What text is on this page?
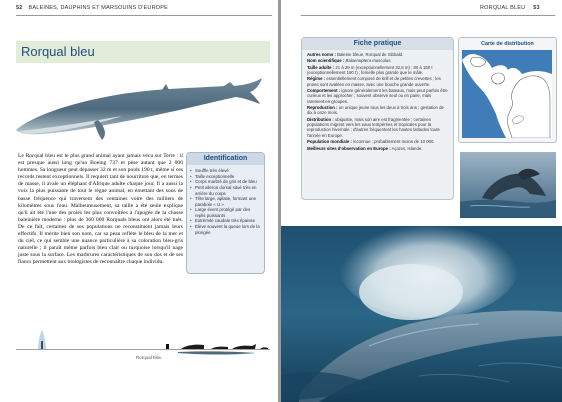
52 BALEINES, DAUPHINS ET MARSOUINS D'EUROPE
Rorqual bleu

Le Rorqual bleu est le plus grand animal ayant jamais vécu sur Terre : il est presque aussi long qu'un Boeing 737 et pèse autant que 2 000 hommes. Sa longueur peut dépasser 32 m et son poids 190 t, même si ces records restent exceptionnels. Il requiert tant de nourriture que, en termes de masse, il avale un éléphant d'Afrique adulte chaque jour. Il a aussi la voix la plus puissante de tout le règne animal, en émettant des sons de basse fréquence qui traversent des centaines voire des milliers de kilomètres sous l'eau. Malheureusement, sa taille a été seule explique qu'il ait été l'une des proies les plus convoitées à l'apogée de la chasse baleinière moderne : plus de 360 000 Rorquals bleus ont alors été tués. De ce fait, certaines de ses populations ne reconstituent jamais leurs effectifs. Il mérite bien son nom, car sa peau reflète le bleu de la mer et du ciel, ce qui semble une nuance particulière à sa coloration bleu-gris naturelle ; il paraît même parfois bleu clair ou turquoise lorsqu'il nage juste sous la surface. Les marbrures caractéristiques de son dos et de ses flancs permettent aux biologistes de reconnaître chaque individu.

Identification
• Souffle très élevé
• Taille exceptionnelle
• Corps marbré de gris et de bleu
• Petit aileron dorsal situé très en arrière du corps
• Tête large, aplatie, formant une parabole « U »
• Large évent protégé par des replis puissants
• Extrémité caudale très épaisse
• Élève souvent la queue lors de la plongée
Rorqual bleu
RORQUAL BLEU 53
Fiche pratique

Autres noms : Baleine bleue, Rorqual de Sibbald.

Nom scientifique : Balaenoptera musculus.

Taille adulte : 21 à 29 m (exceptionnellement 32,6 m) ; 80 à 150 t (exceptionnellement 190 t) ; femelle plus grande que le mâle.

Régime : essentiellement composé de krill et de petites crevettes ; les proies sont avalées en masse, avec une bouche grande ouverte.

Comportement : ignore généralement les bateaux, mais peut parfois être curieux et les approcher ; souvent observé seul ou en paire, mais rarement en groupes.

Reproduction : un unique jeune tous les deux à trois ans ; gestation de dix à onze mois.

Distribution : ubiquiste, mais son aire est fragmentée ; certaines populations migrent vers les eaux tempérées et tropicales pour la reproduction hivernale ; d'autres fréquentent les hautes latitudes toute l'année en Europe.

Population mondiale : inconnue ; probablement moins de 10 000.

Meilleurs sites d'observation en Europe : Açores, Islande.

Carte de distribution
